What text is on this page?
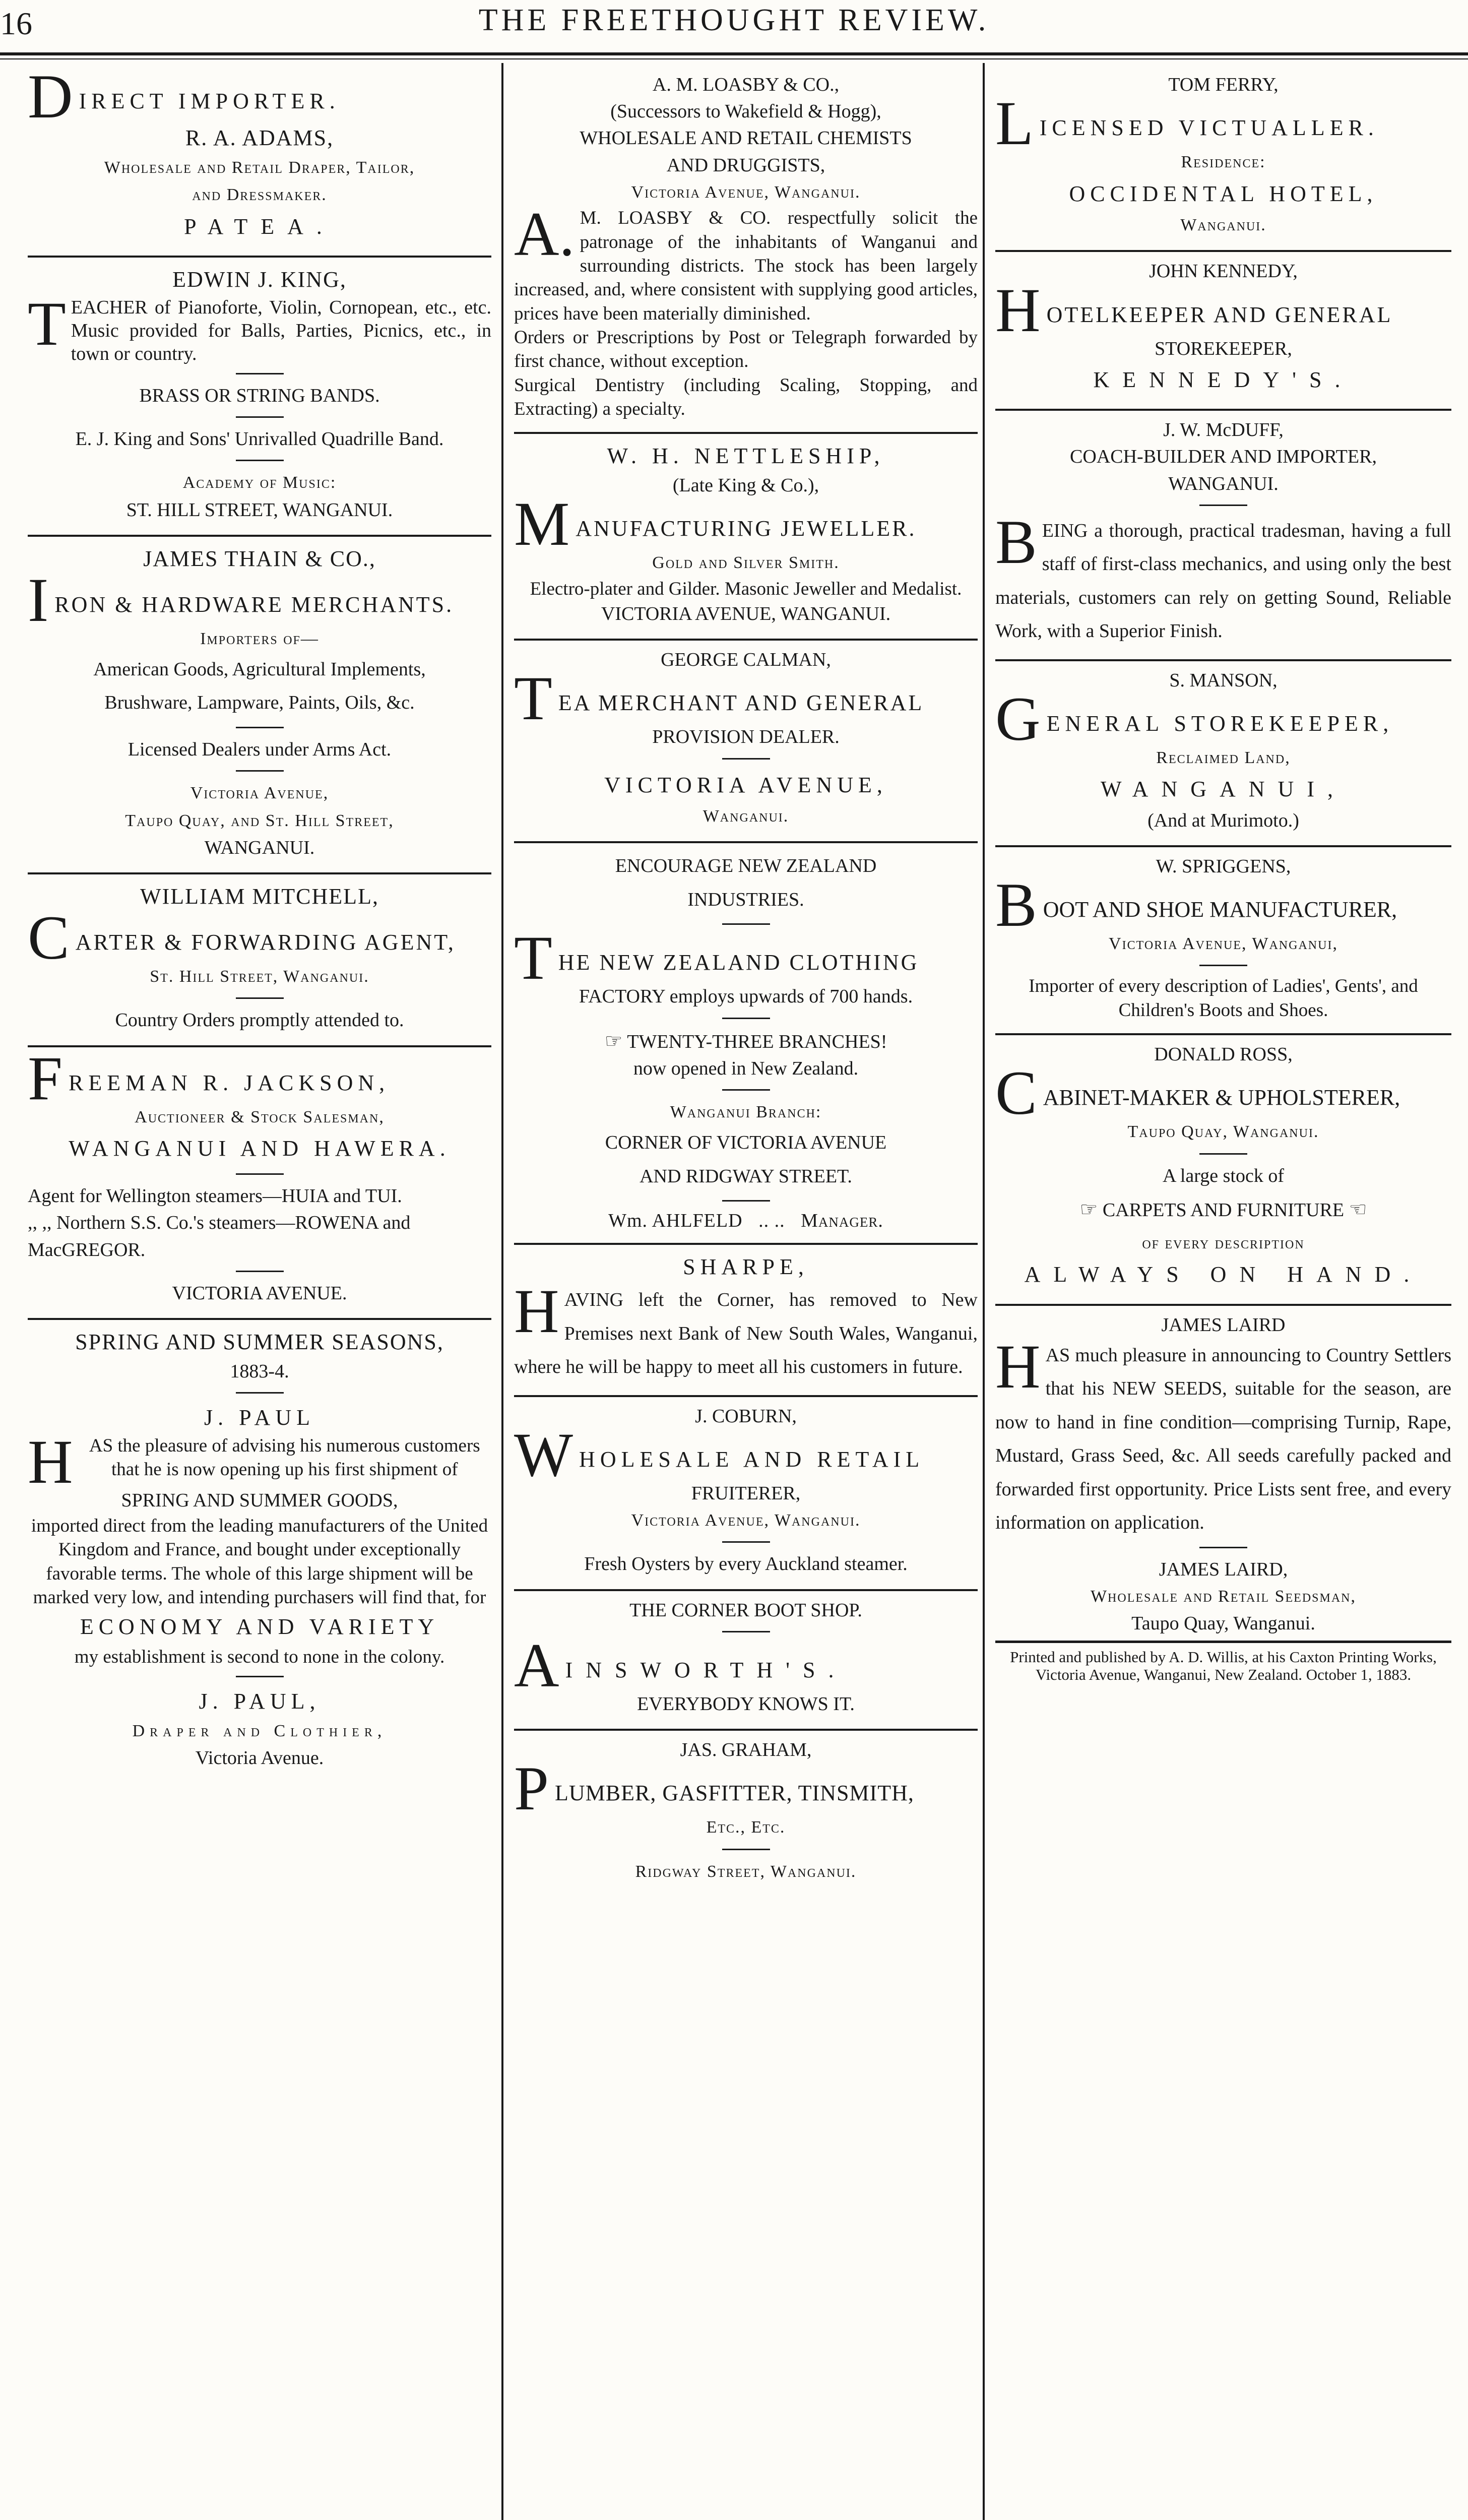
16	THE FREETHOUGHT REVIEW.
DIRECT IMPORTER.

R. A. ADAMS,

Wholesale and Retail Draper, Tailor,

and Dressmaker.

PATEA.

EDWIN J. KING,

TEACHER of Pianoforte, Violin, Cornopean, etc., etc. Music provided for Balls, Parties, Picnics, etc., in town or country.

BRASS OR STRING BANDS.

E. J. King and Sons' Unrivalled Quadrille Band.

Academy of Music:

ST. HILL STREET, WANGANUI.

JAMES THAIN & CO.,

IRON & HARDWARE MERCHANTS.

Importers of—

American Goods, Agricultural Implements,

Brushware, Lampware, Paints, Oils, &c.

Licensed Dealers under Arms Act.

Victoria Avenue,

Taupo Quay, and St. Hill Street,

WANGANUI.

WILLIAM MITCHELL,

CARTER & FORWARDING AGENT,

St. Hill Street, Wanganui.

Country Orders promptly attended to.

FREEMAN R. JACKSON,

Auctioneer & Stock Salesman,

WANGANUI AND HAWERA.

Agent for Wellington steamers—HUIA and TUI.

,, ,, Northern S.S. Co.'s steamers—ROWENA and MacGREGOR.

VICTORIA AVENUE.

SPRING AND SUMMER SEASONS,

1883-4.

J. PAUL

HAS the pleasure of advising his numerous customers that he is now opening up his first shipment of

SPRING AND SUMMER GOODS,

imported direct from the leading manufacturers of the United Kingdom and France, and bought under exceptionally favorable terms. The whole of this large shipment will be marked very low, and intending purchasers will find that, for

ECONOMY AND VARIETY

my establishment is second to none in the colony.

J. PAUL,

Draper and Clothier,

Victoria Avenue.

A. M. LOASBY & CO.,

(Successors to Wakefield & Hogg),

WHOLESALE AND RETAIL CHEMISTS

AND DRUGGISTS,

Victoria Avenue, Wanganui.

A. M. LOASBY & CO. respectfully solicit the patronage of the inhabitants of Wanganui and surrounding districts. The stock has been largely increased, and, where consistent with supplying good articles, prices have been materially diminished.

Orders or Prescriptions by Post or Telegraph forwarded by first chance, without exception.

Surgical Dentistry (including Scaling, Stopping, and Extracting) a specialty.

W. H. NETTLESHIP,

(Late King & Co.),

MANUFACTURING JEWELLER.

Gold and Silver Smith.

Electro-plater and Gilder. Masonic Jeweller and Medalist.

VICTORIA AVENUE, WANGANUI.

GEORGE CALMAN,

TEA MERCHANT AND GENERAL

PROVISION DEALER.

VICTORIA AVENUE,

Wanganui.

ENCOURAGE NEW ZEALAND

INDUSTRIES.

THE NEW ZEALAND CLOTHING

FACTORY employs upwards of 700 hands.

☞ TWENTY-THREE BRANCHES!

now opened in New Zealand.

Wanganui Branch:

CORNER OF VICTORIA AVENUE

AND RIDGWAY STREET.

Wm. AHLFELD .. .. Manager.

SHARPE,

HAVING left the Corner, has removed to New Premises next Bank of New South Wales, Wanganui, where he will be happy to meet all his customers in future.

J. COBURN,

WHOLESALE AND RETAIL

FRUITERER,

Victoria Avenue, Wanganui.

Fresh Oysters by every Auckland steamer.

THE CORNER BOOT SHOP.

AINSWORTH'S.

EVERYBODY KNOWS IT.

JAS. GRAHAM,

PLUMBER, GASFITTER, TINSMITH,

Etc., Etc.

Ridgway Street, Wanganui.

TOM FERRY,

LICENSED VICTUALLER.

Residence:

OCCIDENTAL HOTEL,

Wanganui.

JOHN KENNEDY,

HOTELKEEPER AND GENERAL

STOREKEEPER,

KENNEDY'S.

J. W. McDUFF,

COACH-BUILDER AND IMPORTER,

WANGANUI.

BEING a thorough, practical tradesman, having a full staff of first-class mechanics, and using only the best materials, customers can rely on getting Sound, Reliable Work, with a Superior Finish.

S. MANSON,

GENERAL STOREKEEPER,

Reclaimed Land,

WANGANUI,

(And at Murimoto.)

W. SPRIGGENS,

BOOT AND SHOE MANUFACTURER,

Victoria Avenue, Wanganui,

Importer of every description of Ladies', Gents', and Children's Boots and Shoes.

DONALD ROSS,

CABINET-MAKER & UPHOLSTERER,

Taupo Quay, Wanganui.

A large stock of

☞ CARPETS AND FURNITURE ☜

of every description

ALWAYS ON HAND.

JAMES LAIRD

HAS much pleasure in announcing to Country Settlers that his NEW SEEDS, suitable for the season, are now to hand in fine condition—comprising Turnip, Rape, Mustard, Grass Seed, &c. All seeds carefully packed and forwarded first opportunity. Price Lists sent free, and every information on application.

JAMES LAIRD,

Wholesale and Retail Seedsman,

Taupo Quay, Wanganui.

Printed and published by A. D. Willis, at his Caxton Printing Works, Victoria Avenue, Wanganui, New Zealand. October 1, 1883.
